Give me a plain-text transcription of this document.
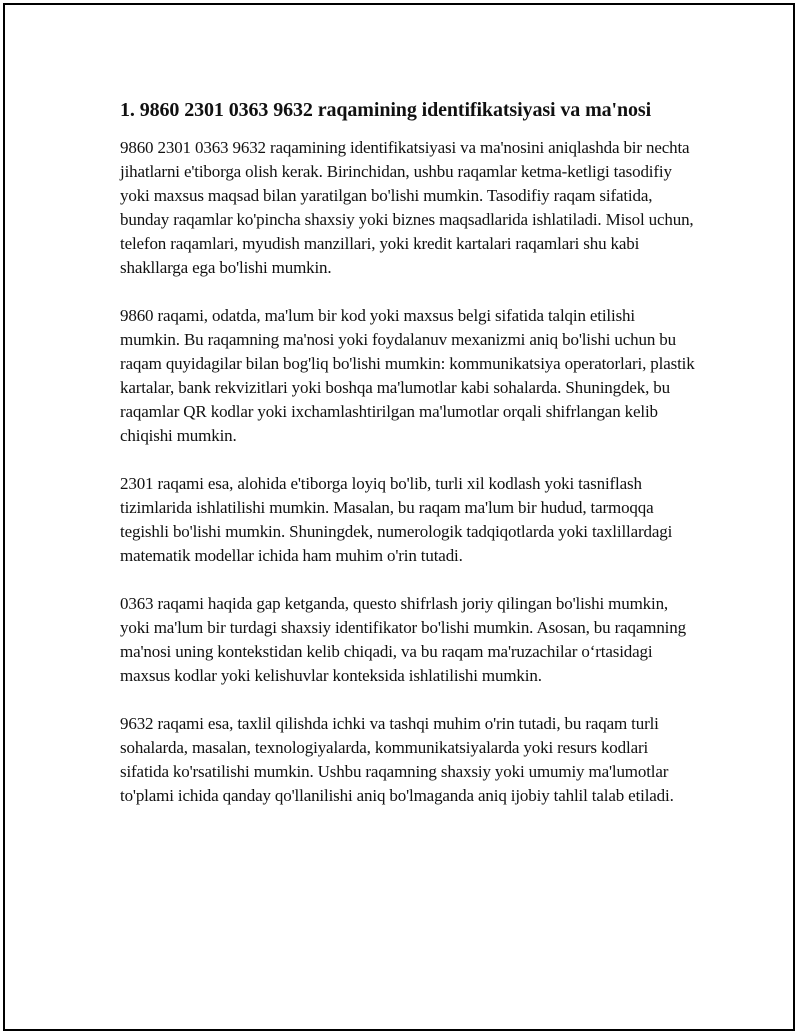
1. 9860 2301 0363 9632 raqamining identifikatsiyasi va ma'nosi

9860 2301 0363 9632 raqamining identifikatsiyasi va ma'nosini aniqlashda bir nechta jihatlarni e'tiborga olish kerak. Birinchidan, ushbu raqamlar ketma-ketligi tasodifiy yoki maxsus maqsad bilan yaratilgan bo'lishi mumkin. Tasodifiy raqam sifatida, bunday raqamlar ko'pincha shaxsiy yoki biznes maqsadlarida ishlatiladi. Misol uchun, telefon raqamlari, myudish manzillari, yoki kredit kartalari raqamlari shu kabi shakllarga ega bo'lishi mumkin.

9860 raqami, odatda, ma'lum bir kod yoki maxsus belgi sifatida talqin etilishi mumkin. Bu raqamning ma'nosi yoki foydalanuv mexanizmi aniq bo'lishi uchun bu raqam quyidagilar bilan bog'liq bo'lishi mumkin: kommunikatsiya operatorlari, plastik kartalar, bank rekvizitlari yoki boshqa ma'lumotlar kabi sohalarda. Shuningdek, bu raqamlar QR kodlar yoki ixchamlashtirilgan ma'lumotlar orqali shifrlangan kelib chiqishi mumkin.

2301 raqami esa, alohida e'tiborga loyiq bo'lib, turli xil kodlash yoki tasniflash tizimlarida ishlatilishi mumkin. Masalan, bu raqam ma'lum bir hudud, tarmoqqa tegishli bo'lishi mumkin. Shuningdek, numerologik tadqiqotlarda yoki taxlillardagi matematik modellar ichida ham muhim o'rin tutadi.

0363 raqami haqida gap ketganda, questo shifrlash joriy qilingan bo'lishi mumkin, yoki ma'lum bir turdagi shaxsiy identifikator bo'lishi mumkin. Asosan, bu raqamning ma'nosi uning kontekstidan kelib chiqadi, va bu raqam ma'ruzachilar o‘rtasidagi maxsus kodlar yoki kelishuvlar konteksida ishlatilishi mumkin.

9632 raqami esa, taxlil qilishda ichki va tashqi muhim o'rin tutadi, bu raqam turli sohalarda, masalan, texnologiyalarda, kommunikatsiyalarda yoki resurs kodlari sifatida ko'rsatilishi mumkin. Ushbu raqamning shaxsiy yoki umumiy ma'lumotlar to'plami ichida qanday qo'llanilishi aniq bo'lmaganda aniq ijobiy tahlil talab etiladi.
